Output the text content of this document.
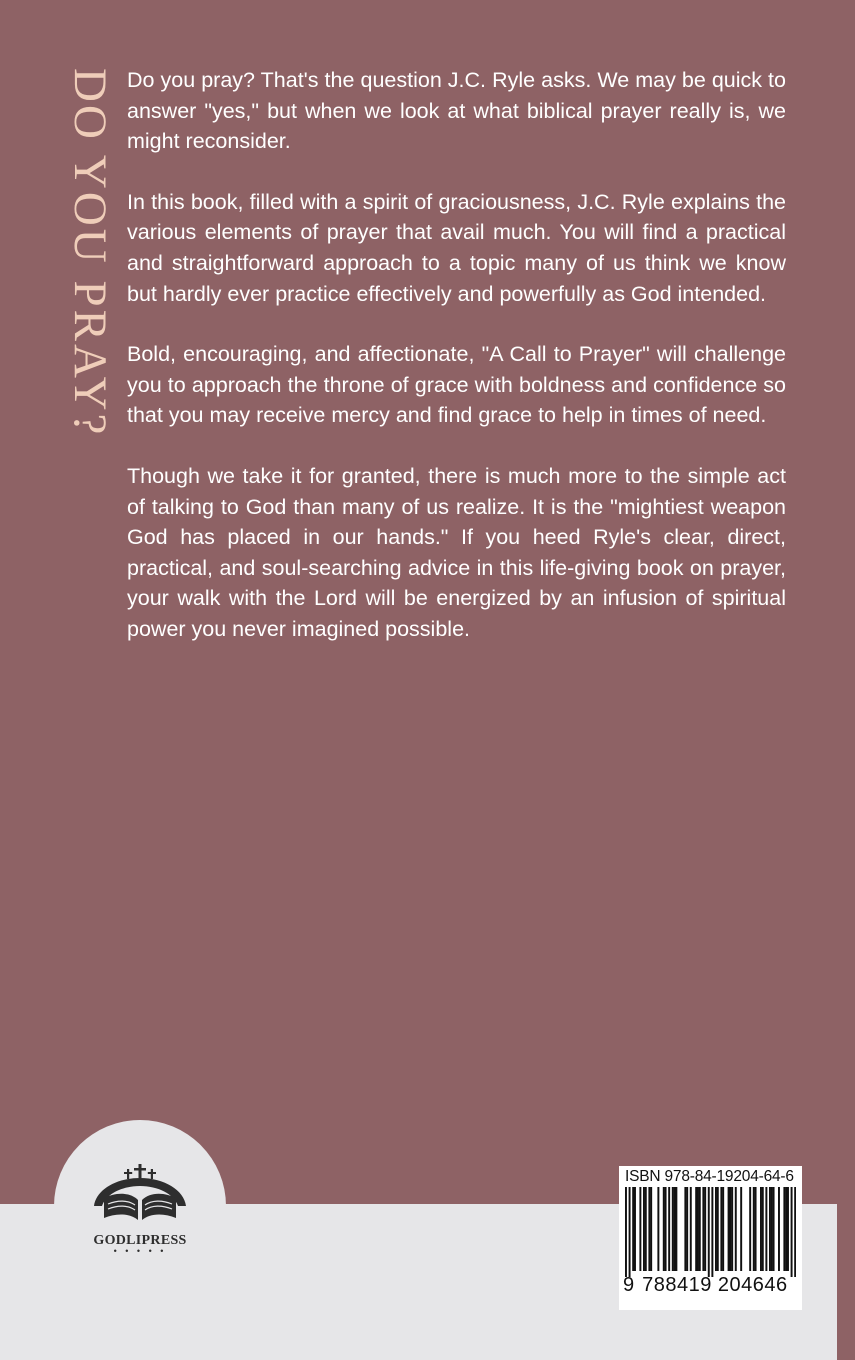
DO YOU PRAY? Do you pray? That's the question J.C. Ryle asks. We may be quick to answer "yes," but when we look at what biblical prayer really is, we might reconsider.

In this book, filled with a spirit of graciousness, J.C. Ryle explains the various elements of prayer that avail much. You will find a practical and straightforward approach to a topic many of us think we know but hardly ever practice effectively and powerfully as God intended.

Bold, encouraging, and affectionate, "A Call to Prayer" will challenge you to approach the throne of grace with boldness and confidence so that you may receive mercy and find grace to help in times of need.

Though we take it for granted, there is much more to the simple act of talking to God than many of us realize. It is the "mightiest weapon God has placed in our hands." If you heed Ryle's clear, direct, practical, and soul-searching advice in this life-giving book on prayer, your walk with the Lord will be energized by an infusion of spiritual power you never imagined possible.

GODLIPRESS
• • • • •
ISBN 978-84-19204-64-6
9 788419 204646
